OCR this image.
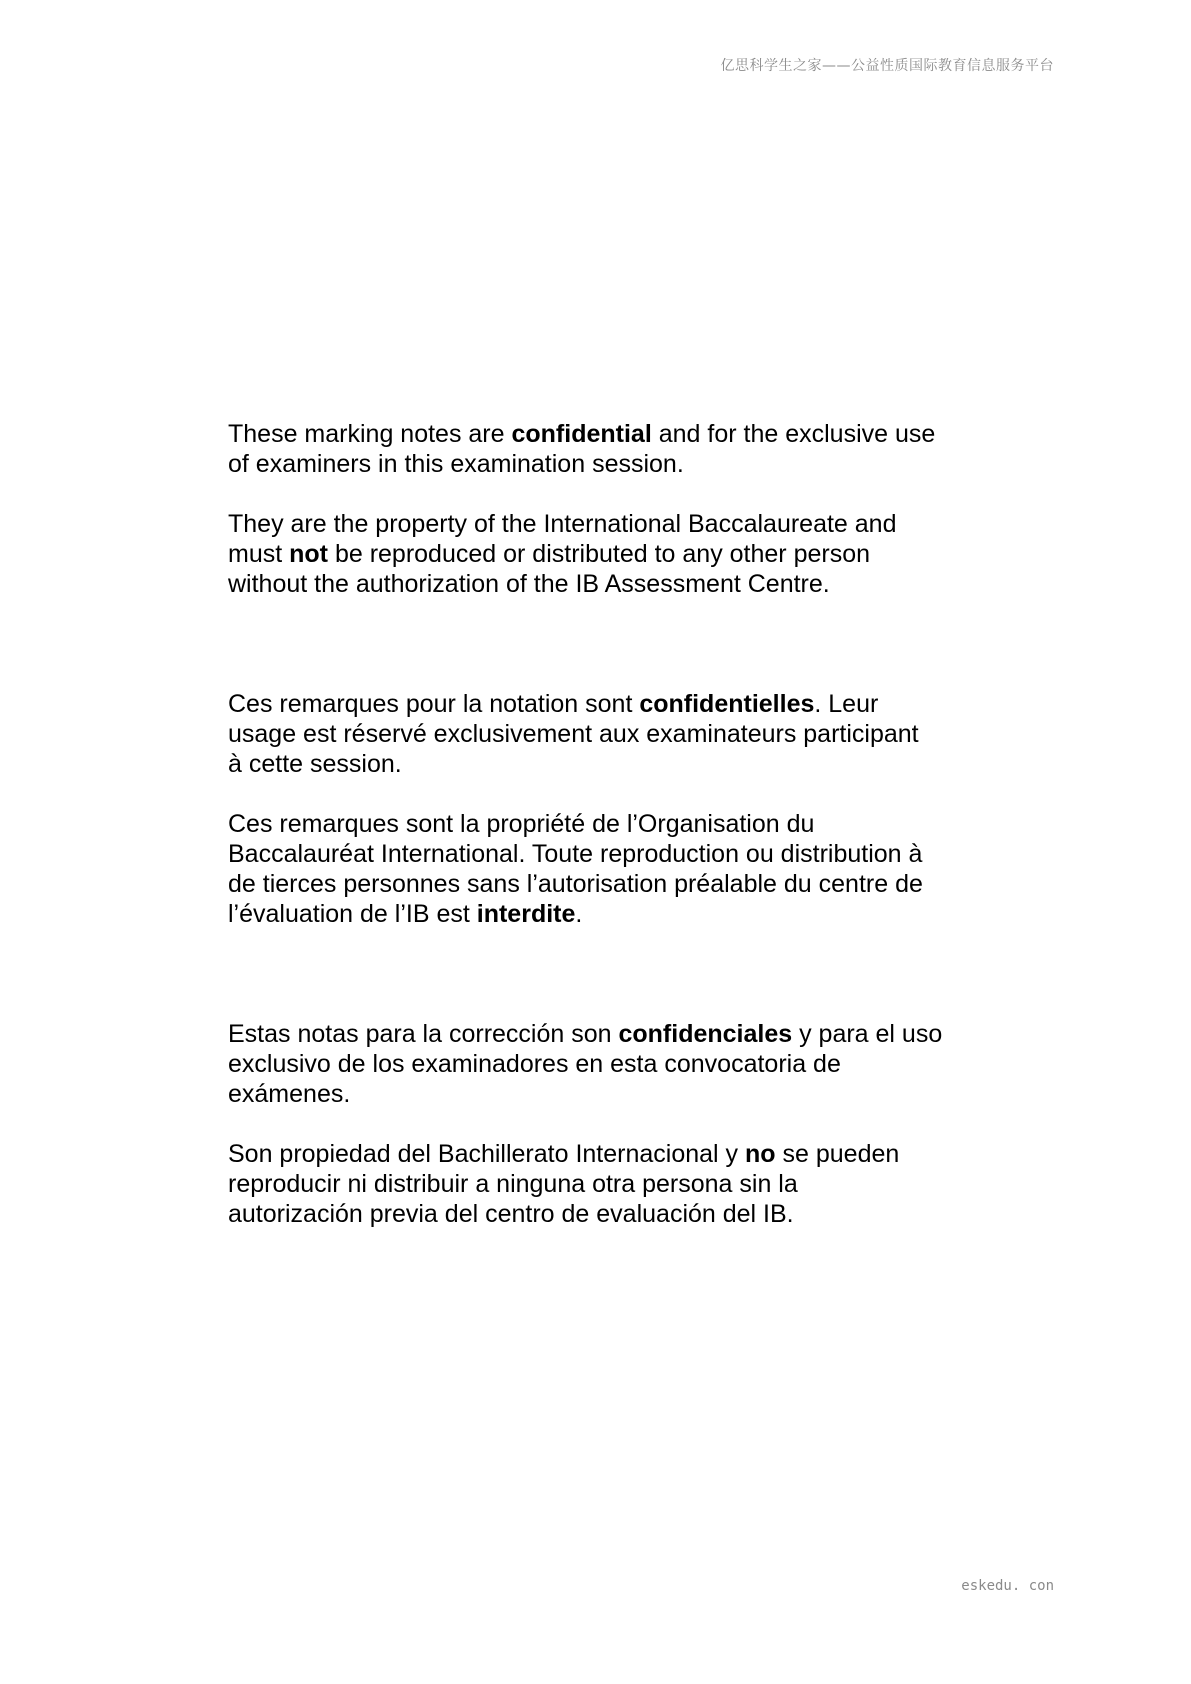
亿思科学生之家——公益性质国际教育信息服务平台

These marking notes are confidential and for the exclusive use
of examiners in this examination session.

They are the property of the International Baccalaureate and
must not be reproduced or distributed to any other person
without the authorization of the IB Assessment Centre.

Ces remarques pour la notation sont confidentielles. Leur
usage est réservé exclusivement aux examinateurs participant
à cette session.

Ces remarques sont la propriété de l’Organisation du
Baccalauréat International. Toute reproduction ou distribution à
de tierces personnes sans l’autorisation préalable du centre de
l’évaluation de l’IB est interdite.

Estas notas para la corrección son confidenciales y para el uso
exclusivo de los examinadores en esta convocatoria de
exámenes.

Son propiedad del Bachillerato Internacional y no se pueden
reproducir ni distribuir a ninguna otra persona sin la
autorización previa del centro de evaluación del IB.

eskedu. con
